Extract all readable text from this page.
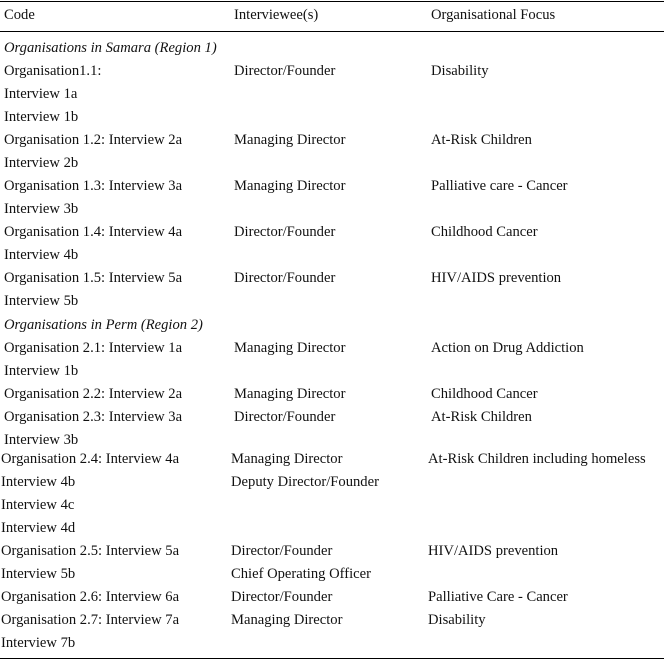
Code	Interviewee(s)	Organisational Focus
Organisations in Samara (Region 1)
Organisation1.1:	Director/Founder	Disability
Interview 1a
Interview 1b
Organisation 1.2: Interview 2a	Managing Director	At-Risk Children
Interview 2b
Organisation 1.3: Interview 3a	Managing Director	Palliative care - Cancer
Interview 3b
Organisation 1.4: Interview 4a	Director/Founder	Childhood Cancer
Interview 4b
Organisation 1.5: Interview 5a	Director/Founder	HIV/AIDS prevention
Interview 5b
Organisations in Perm (Region 2)
Organisation 2.1: Interview 1a	Managing Director	Action on Drug Addiction
Interview 1b
Organisation 2.2: Interview 2a	Managing Director	Childhood Cancer
Organisation 2.3: Interview 3a	Director/Founder	At-Risk Children
Interview 3b
Organisation 2.4: Interview 4a	Managing Director	At-Risk Children including homeless
Interview 4b	Deputy Director/Founder
Interview 4c
Interview 4d
Organisation 2.5: Interview 5a	Director/Founder	HIV/AIDS prevention
Interview 5b	Chief Operating Officer
Organisation 2.6: Interview 6a	Director/Founder	Palliative Care - Cancer
Organisation 2.7: Interview 7a	Managing Director	Disability
Interview 7b
